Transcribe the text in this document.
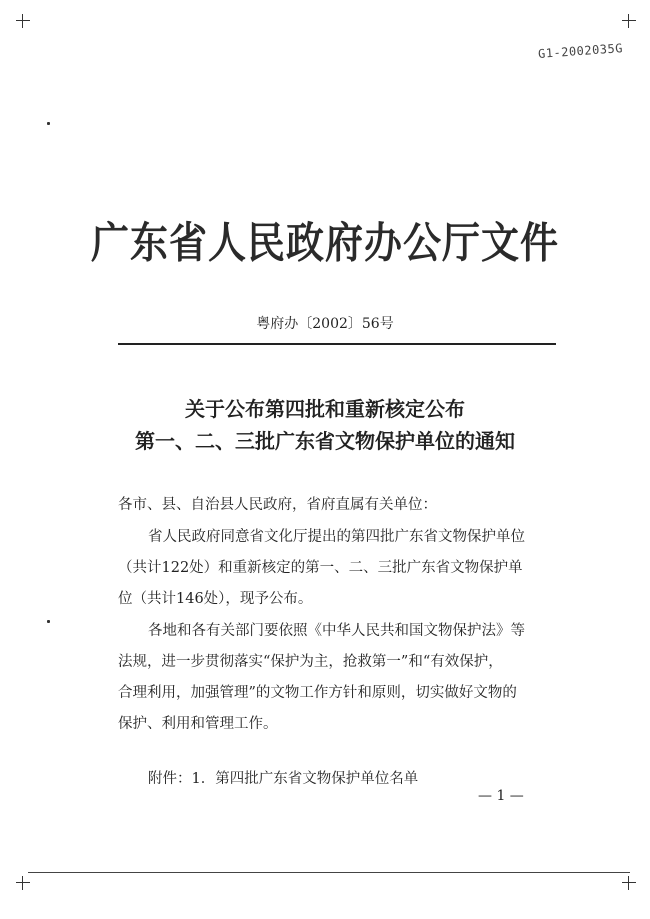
G1-2002035G
广东省人民政府办公厅文件
粤府办〔2002〕56号
关于公布第四批和重新核定公布
第一、二、三批广东省文物保护单位的通知
各市、县、自治县人民政府，省府直属有关单位：
省人民政府同意省文化厅提出的第四批广东省文物保护单位
（共计122处）和重新核定的第一、二、三批广东省文物保护单
位（共计146处），现予公布。
各地和各有关部门要依照《中华人民共和国文物保护法》等
法规，进一步贯彻落实“保护为主，抢救第一”和“有效保护，
合理利用，加强管理”的文物工作方针和原则，切实做好文物的
保护、利用和管理工作。
附件：1．第四批广东省文物保护单位名单
— 1 —
